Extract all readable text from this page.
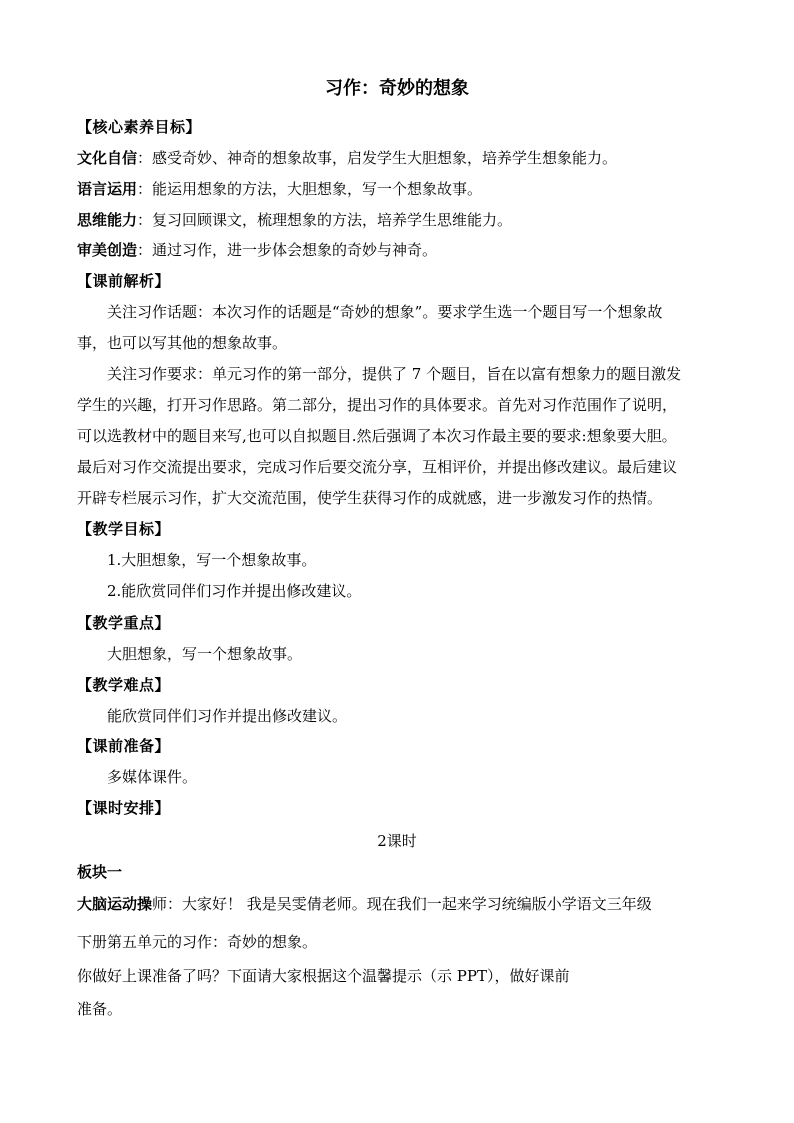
习作：奇妙的想象
【核心素养目标】
文化自信：感受奇妙、神奇的想象故事，启发学生大胆想象，培养学生想象能力。
语言运用：能运用想象的方法，大胆想象，写一个想象故事。
思维能力：复习回顾课文，梳理想象的方法，培养学生思维能力。
审美创造：通过习作，进一步体会想象的奇妙与神奇。
【课前解析】
关注习作话题：本次习作的话题是“奇妙的想象”。要求学生选一个题目写一个想象故
事，也可以写其他的想象故事。
关注习作要求：单元习作的第一部分，提供了 7 个题目，旨在以富有想象力的题目激发
学生的兴趣，打开习作思路。第二部分，提出习作的具体要求。首先对习作范围作了说明，
可以选教材中的题目来写,也可以自拟题目.然后强调了本次习作最主要的要求:想象要大胆。
最后对习作交流提出要求，完成习作后要交流分享，互相评价，并提出修改建议。最后建议
开辟专栏展示习作，扩大交流范围，使学生获得习作的成就感，进一步激发习作的热情。
【教学目标】
1.大胆想象，写一个想象故事。
2.能欣赏同伴们习作并提出修改建议。
【教学重点】
大胆想象，写一个想象故事。
【教学难点】
能欣赏同伴们习作并提出修改建议。
【课前准备】
多媒体课件。
【课时安排】
2课时
板块一
大脑运动操师：大家好！ 我是吴雯倩老师。现在我们一起来学习统编版小学语文三年级
下册第五单元的习作：奇妙的想象。
你做好上课准备了吗？下面请大家根据这个温馨提示（示 PPT），做好课前
准备。
